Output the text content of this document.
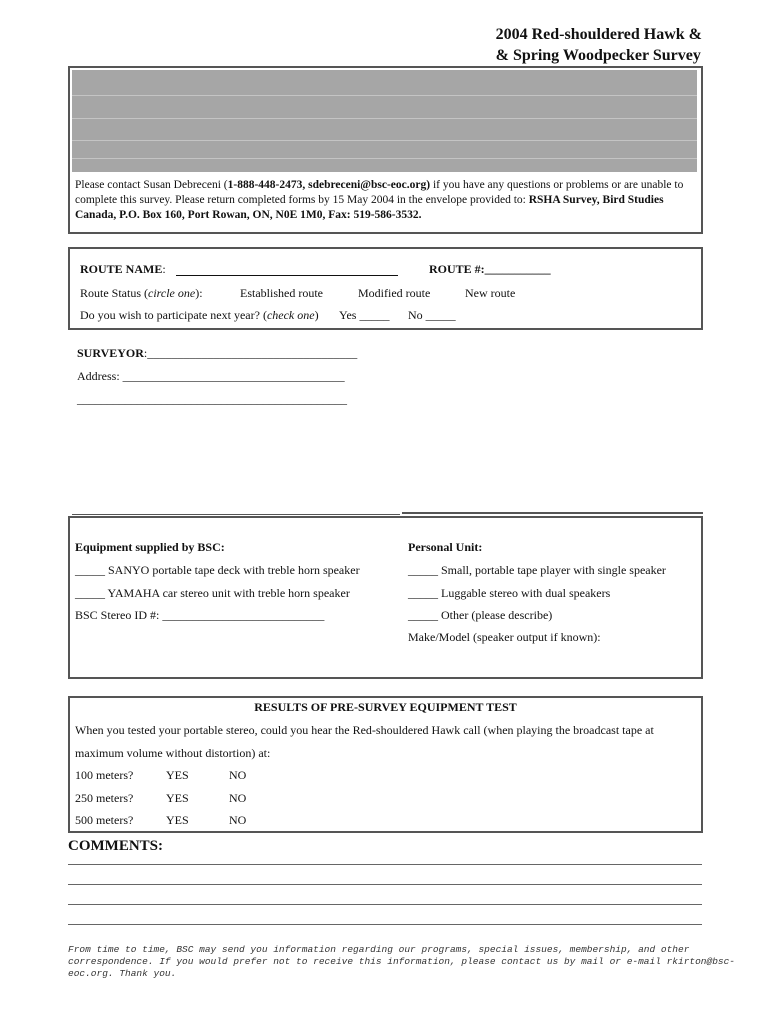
2004 Red-shouldered Hawk &
& Spring Woodpecker Survey
Please contact Susan Debreceni (1-888-448-2473, sdebreceni@bsc-eoc.org) if you have any questions or problems or are unable to complete this survey. Please return completed forms by 15 May 2004 in the envelope provided to: RSHA Survey, Bird Studies Canada, P.O. Box 160, Port Rowan, ON, N0E 1M0, Fax: 519-586-3532.
ROUTE NAME:	ROUTE #:___________
Route Status (circle one):	Established route	Modified route	New route
Do you wish to participate next year? (check one) Yes _____ No _____
SURVEYOR:___________________________________
Address: _____________________________________
_____________________________________________
Equipment supplied by BSC:
_____ SANYO portable tape deck with treble horn speaker
_____ YAMAHA car stereo unit with treble horn speaker
BSC Stereo ID #: ___________________________
Personal Unit:
_____ Small, portable tape player with single speaker
_____ Luggable stereo with dual speakers
_____ Other (please describe)
Make/Model (speaker output if known):
RESULTS OF PRE-SURVEY EQUIPMENT TEST
When you tested your portable stereo, could you hear the Red-shouldered Hawk call (when playing the broadcast tape at
maximum volume without distortion) at:
100 meters?	YES	NO
250 meters?	YES	NO
500 meters?	YES	NO
COMMENTS:
From time to time, BSC may send you information regarding our programs, special issues, membership, and other correspondence. If you would prefer not to receive this information, please contact us by mail or e-mail rkirton@bsc-eoc.org. Thank you.
